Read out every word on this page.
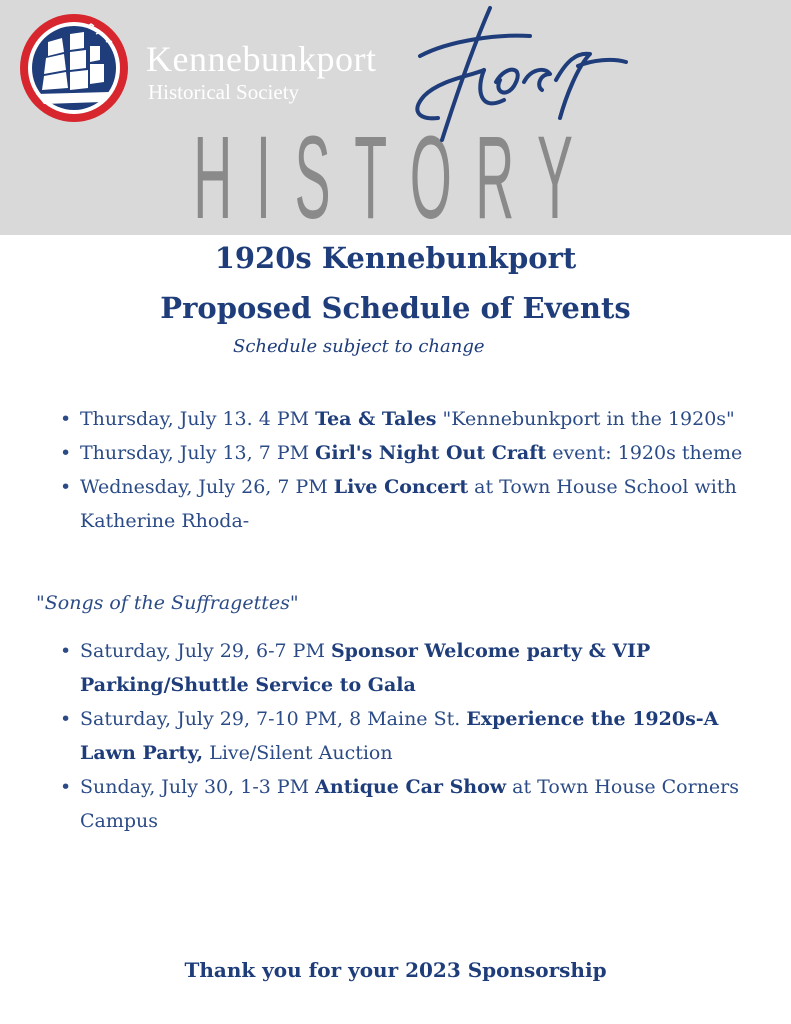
Kennebunkport
Historical Society
HISTORY
1920s Kennebunkport
Proposed Schedule of Events
Schedule subject to change
• Thursday, July 13. 4 PM Tea & Tales "Kennebunkport in the 1920s"
• Thursday, July 13, 7 PM Girl's Night Out Craft event: 1920s theme
• Wednesday, July 26, 7 PM Live Concert at Town House School with Katherine Rhoda-
"Songs of the Suffragettes"
• Saturday, July 29, 6-7 PM Sponsor Welcome party & VIP Parking/Shuttle Service to Gala
• Saturday, July 29, 7-10 PM, 8 Maine St. Experience the 1920s-A Lawn Party, Live/Silent Auction
• Sunday, July 30, 1-3 PM Antique Car Show at Town House Corners Campus
Thank you for your 2023 Sponsorship
